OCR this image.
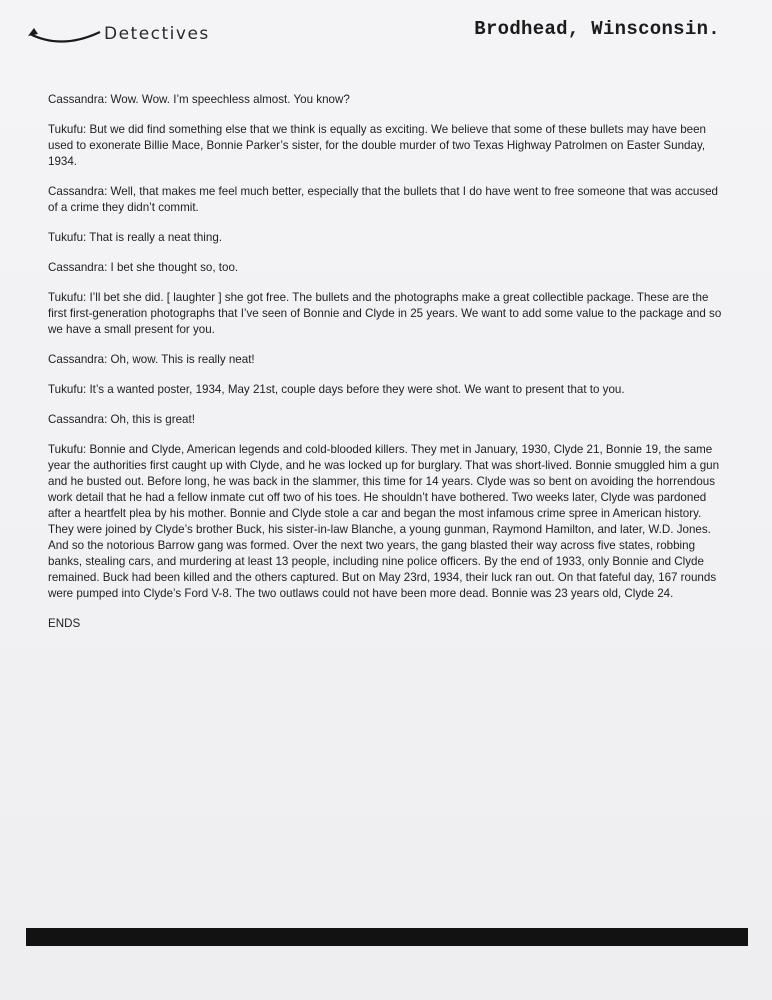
Detectives	Brodhead, Winsconsin.

Cassandra: Wow. Wow. I’m speechless almost. You know?

Tukufu: But we did find something else that we think is equally as exciting. We believe that some of these bullets may have been used to exonerate Billie Mace, Bonnie Parker’s sister, for the double murder of two Texas Highway Patrolmen on Easter Sunday, 1934.

Cassandra: Well, that makes me feel much better, especially that the bullets that I do have went to free someone that was accused of a crime they didn’t commit.

Tukufu: That is really a neat thing.

Cassandra: I bet she thought so, too.

Tukufu: I’ll bet she did. [ laughter ] she got free. The bullets and the photographs make a great collectible package. These are the first first-generation photographs that I’ve seen of Bonnie and Clyde in 25 years. We want to add some value to the package and so we have a small present for you.

Cassandra: Oh, wow. This is really neat!

Tukufu: It’s a wanted poster, 1934, May 21st, couple days before they were shot. We want to present that to you.

Cassandra: Oh, this is great!

Tukufu: Bonnie and Clyde, American legends and cold-blooded killers. They met in January, 1930, Clyde 21, Bonnie 19, the same year the authorities first caught up with Clyde, and he was locked up for burglary. That was short-lived. Bonnie smuggled him a gun and he busted out. Before long, he was back in the slammer, this time for 14 years. Clyde was so bent on avoiding the horrendous work detail that he had a fellow inmate cut off two of his toes. He shouldn’t have bothered. Two weeks later, Clyde was pardoned after a heartfelt plea by his mother. Bonnie and Clyde stole a car and began the most infamous crime spree in American history. They were joined by Clyde’s brother Buck, his sister-in-law Blanche, a young gunman, Raymond Hamilton, and later, W.D. Jones. And so the notorious Barrow gang was formed. Over the next two years, the gang blasted their way across five states, robbing banks, stealing cars, and murdering at least 13 people, including nine police officers. By the end of 1933, only Bonnie and Clyde remained. Buck had been killed and the others captured. But on May 23rd, 1934, their luck ran out. On that fateful day, 167 rounds were pumped into Clyde’s Ford V-8. The two outlaws could not have been more dead. Bonnie was 23 years old, Clyde 24.

ENDS
